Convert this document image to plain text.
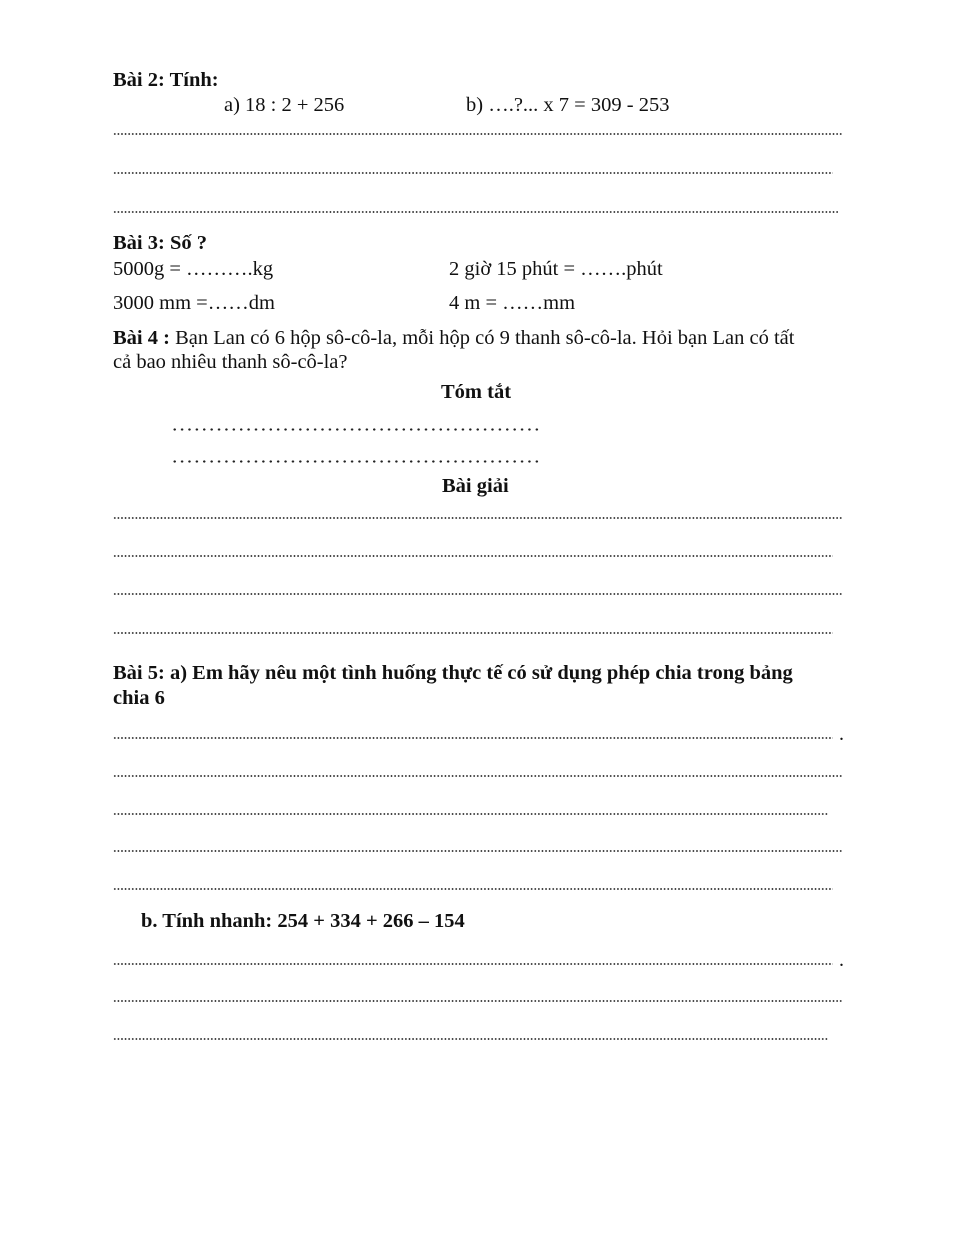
Bài 2: Tính:
a) 18 : 2 + 256	b) ….?... x 7 = 309 - 253
Bài 3: Số ?
5000g = ……….kg	2 giờ 15 phút = …….phút
3000 mm =……dm	4 m = ……mm
Bài 4 : Bạn Lan có 6 hộp sô-cô-la, mỗi hộp có 9 thanh sô-cô-la. Hỏi bạn Lan có tất
cả bao nhiêu thanh sô-cô-la?
Tóm tắt
Bài giải
Bài 5: a) Em hãy nêu một tình huống thực tế có sử dụng phép chia trong bảng
chia 6
.
b. Tính nhanh: 254 + 334 + 266 – 154
.
